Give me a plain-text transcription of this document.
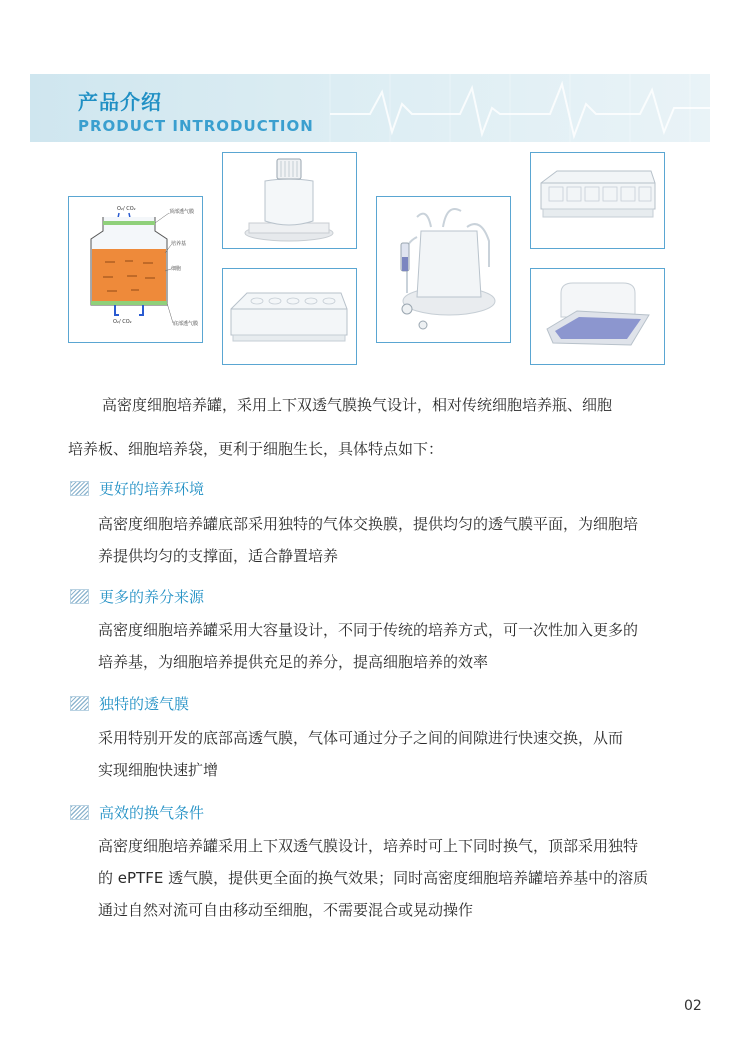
产品介绍
PRODUCT INTRODUCTION
O₂/ CO₂
O₂/ CO₂
顶部透气膜
培养基
细胞
底部透气膜
高密度细胞培养罐，采用上下双透气膜换气设计，相对传统细胞培养瓶、细胞
培养板、细胞培养袋，更利于细胞生长，具体特点如下：
更好的培养环境
高密度细胞培养罐底部采用独特的气体交换膜，提供均匀的透气膜平面，为细胞培
养提供均匀的支撑面，适合静置培养
更多的养分来源
高密度细胞培养罐采用大容量设计，不同于传统的培养方式，可一次性加入更多的
培养基，为细胞培养提供充足的养分，提高细胞培养的效率
独特的透气膜
采用特别开发的底部高透气膜，气体可通过分子之间的间隙进行快速交换，从而
实现细胞快速扩增
高效的换气条件
高密度细胞培养罐采用上下双透气膜设计，培养时可上下同时换气，顶部采用独特
的 ePTFE 透气膜，提供更全面的换气效果；同时高密度细胞培养罐培养基中的溶质
通过自然对流可自由移动至细胞，不需要混合或晃动操作
02
